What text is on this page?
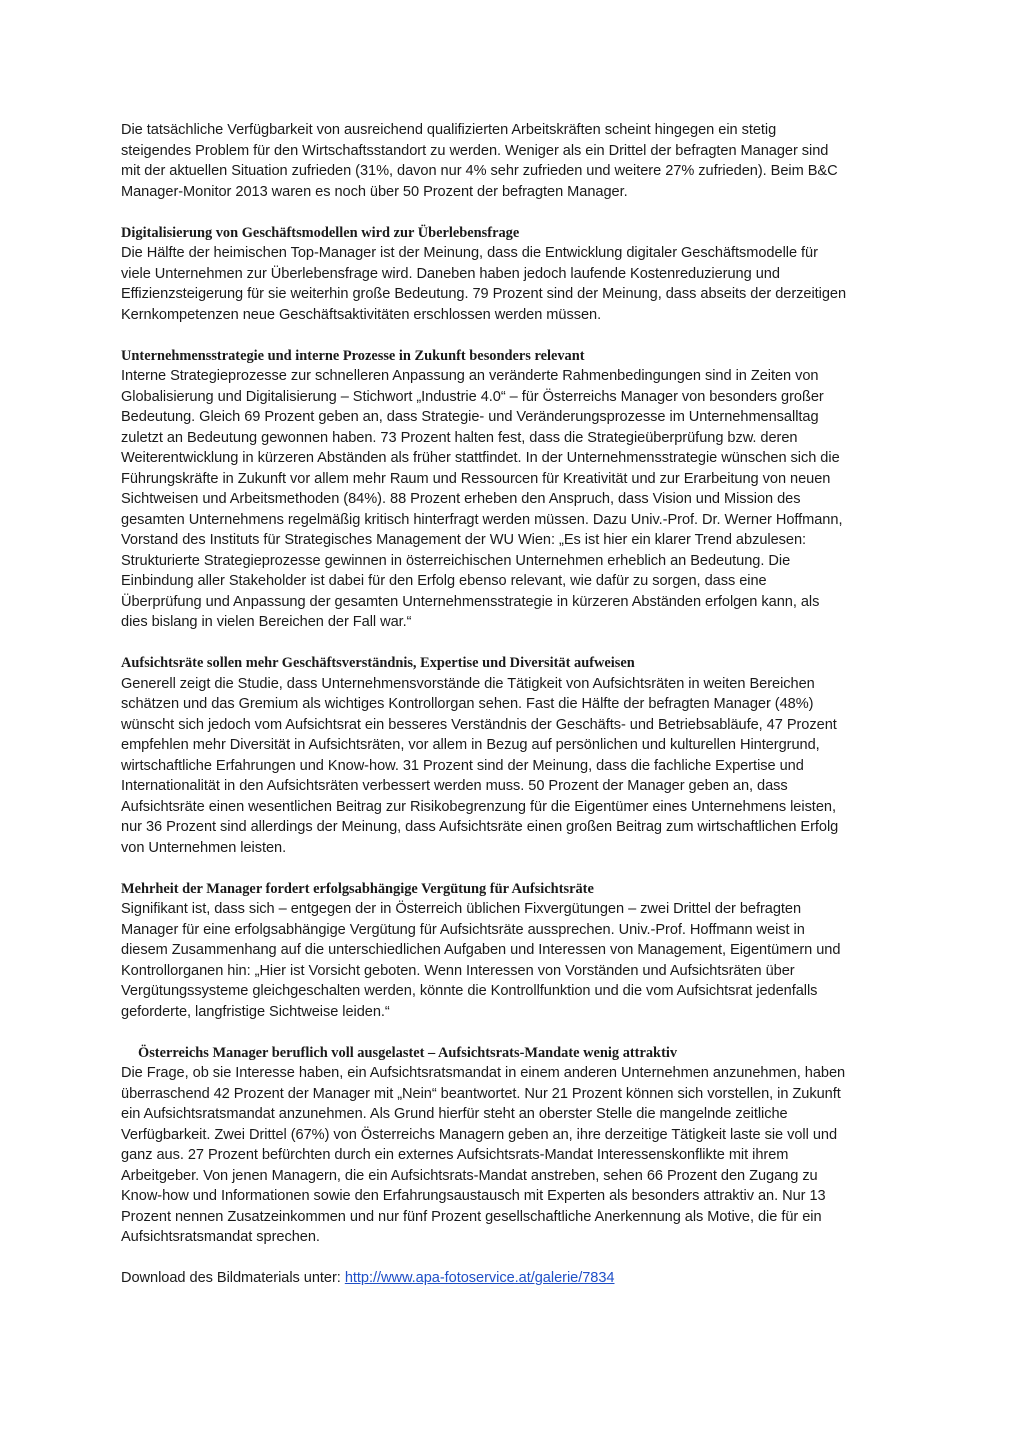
Die tatsächliche Verfügbarkeit von ausreichend qualifizierten Arbeitskräften scheint hingegen ein stetig
steigendes Problem für den Wirtschaftsstandort zu werden. Weniger als ein Drittel der befragten Manager sind
mit der aktuellen Situation zufrieden (31%, davon nur 4% sehr zufrieden und weitere 27% zufrieden). Beim B&C
Manager-Monitor 2013 waren es noch über 50 Prozent der befragten Manager.
Digitalisierung von Geschäftsmodellen wird zur Überlebensfrage
Die Hälfte der heimischen Top-Manager ist der Meinung, dass die Entwicklung digitaler Geschäftsmodelle für
viele Unternehmen zur Überlebensfrage wird. Daneben haben jedoch laufende Kostenreduzierung und
Effizienzsteigerung für sie weiterhin große Bedeutung. 79 Prozent sind der Meinung, dass abseits der derzeitigen
Kernkompetenzen neue Geschäftsaktivitäten erschlossen werden müssen.
Unternehmensstrategie und interne Prozesse in Zukunft besonders relevant
Interne Strategieprozesse zur schnelleren Anpassung an veränderte Rahmenbedingungen sind in Zeiten von
Globalisierung und Digitalisierung – Stichwort „Industrie 4.0“ – für Österreichs Manager von besonders großer
Bedeutung. Gleich 69 Prozent geben an, dass Strategie- und Veränderungsprozesse im Unternehmensalltag
zuletzt an Bedeutung gewonnen haben. 73 Prozent halten fest, dass die Strategieüberprüfung bzw. deren
Weiterentwicklung in kürzeren Abständen als früher stattfindet. In der Unternehmensstrategie wünschen sich die
Führungskräfte in Zukunft vor allem mehr Raum und Ressourcen für Kreativität und zur Erarbeitung von neuen
Sichtweisen und Arbeitsmethoden (84%). 88 Prozent erheben den Anspruch, dass Vision und Mission des
gesamten Unternehmens regelmäßig kritisch hinterfragt werden müssen. Dazu Univ.-Prof. Dr. Werner Hoffmann,
Vorstand des Instituts für Strategisches Management der WU Wien: „Es ist hier ein klarer Trend abzulesen:
Strukturierte Strategieprozesse gewinnen in österreichischen Unternehmen erheblich an Bedeutung. Die
Einbindung aller Stakeholder ist dabei für den Erfolg ebenso relevant, wie dafür zu sorgen, dass eine
Überprüfung und Anpassung der gesamten Unternehmensstrategie in kürzeren Abständen erfolgen kann, als
dies bislang in vielen Bereichen der Fall war.“
Aufsichtsräte sollen mehr Geschäftsverständnis, Expertise und Diversität aufweisen
Generell zeigt die Studie, dass Unternehmensvorstände die Tätigkeit von Aufsichtsräten in weiten Bereichen
schätzen und das Gremium als wichtiges Kontrollorgan sehen. Fast die Hälfte der befragten Manager (48%)
wünscht sich jedoch vom Aufsichtsrat ein besseres Verständnis der Geschäfts- und Betriebsabläufe, 47 Prozent
empfehlen mehr Diversität in Aufsichtsräten, vor allem in Bezug auf persönlichen und kulturellen Hintergrund,
wirtschaftliche Erfahrungen und Know-how. 31 Prozent sind der Meinung, dass die fachliche Expertise und
Internationalität in den Aufsichtsräten verbessert werden muss. 50 Prozent der Manager geben an, dass
Aufsichtsräte einen wesentlichen Beitrag zur Risikobegrenzung für die Eigentümer eines Unternehmens leisten,
nur 36 Prozent sind allerdings der Meinung, dass Aufsichtsräte einen großen Beitrag zum wirtschaftlichen Erfolg
von Unternehmen leisten.
Mehrheit der Manager fordert erfolgsabhängige Vergütung für Aufsichtsräte
Signifikant ist, dass sich – entgegen der in Österreich üblichen Fixvergütungen – zwei Drittel der befragten
Manager für eine erfolgsabhängige Vergütung für Aufsichtsräte aussprechen. Univ.-Prof. Hoffmann weist in
diesem Zusammenhang auf die unterschiedlichen Aufgaben und Interessen von Management, Eigentümern und
Kontrollorganen hin: „Hier ist Vorsicht geboten. Wenn Interessen von Vorständen und Aufsichtsräten über
Vergütungssysteme gleichgeschalten werden, könnte die Kontrollfunktion und die vom Aufsichtsrat jedenfalls
geforderte, langfristige Sichtweise leiden.“
Österreichs Manager beruflich voll ausgelastet – Aufsichtsrats-Mandate wenig attraktiv
Die Frage, ob sie Interesse haben, ein Aufsichtsratsmandat in einem anderen Unternehmen anzunehmen, haben
überraschend 42 Prozent der Manager mit „Nein“ beantwortet. Nur 21 Prozent können sich vorstellen, in Zukunft
ein Aufsichtsratsmandat anzunehmen. Als Grund hierfür steht an oberster Stelle die mangelnde zeitliche
Verfügbarkeit. Zwei Drittel (67%) von Österreichs Managern geben an, ihre derzeitige Tätigkeit laste sie voll und
ganz aus. 27 Prozent befürchten durch ein externes Aufsichtsrats-Mandat Interessenskonflikte mit ihrem
Arbeitgeber. Von jenen Managern, die ein Aufsichtsrats-Mandat anstreben, sehen 66 Prozent den Zugang zu
Know-how und Informationen sowie den Erfahrungsaustausch mit Experten als besonders attraktiv an. Nur 13
Prozent nennen Zusatzeinkommen und nur fünf Prozent gesellschaftliche Anerkennung als Motive, die für ein
Aufsichtsratsmandat sprechen.
Download des Bildmaterials unter: http://www.apa-fotoservice.at/galerie/7834
